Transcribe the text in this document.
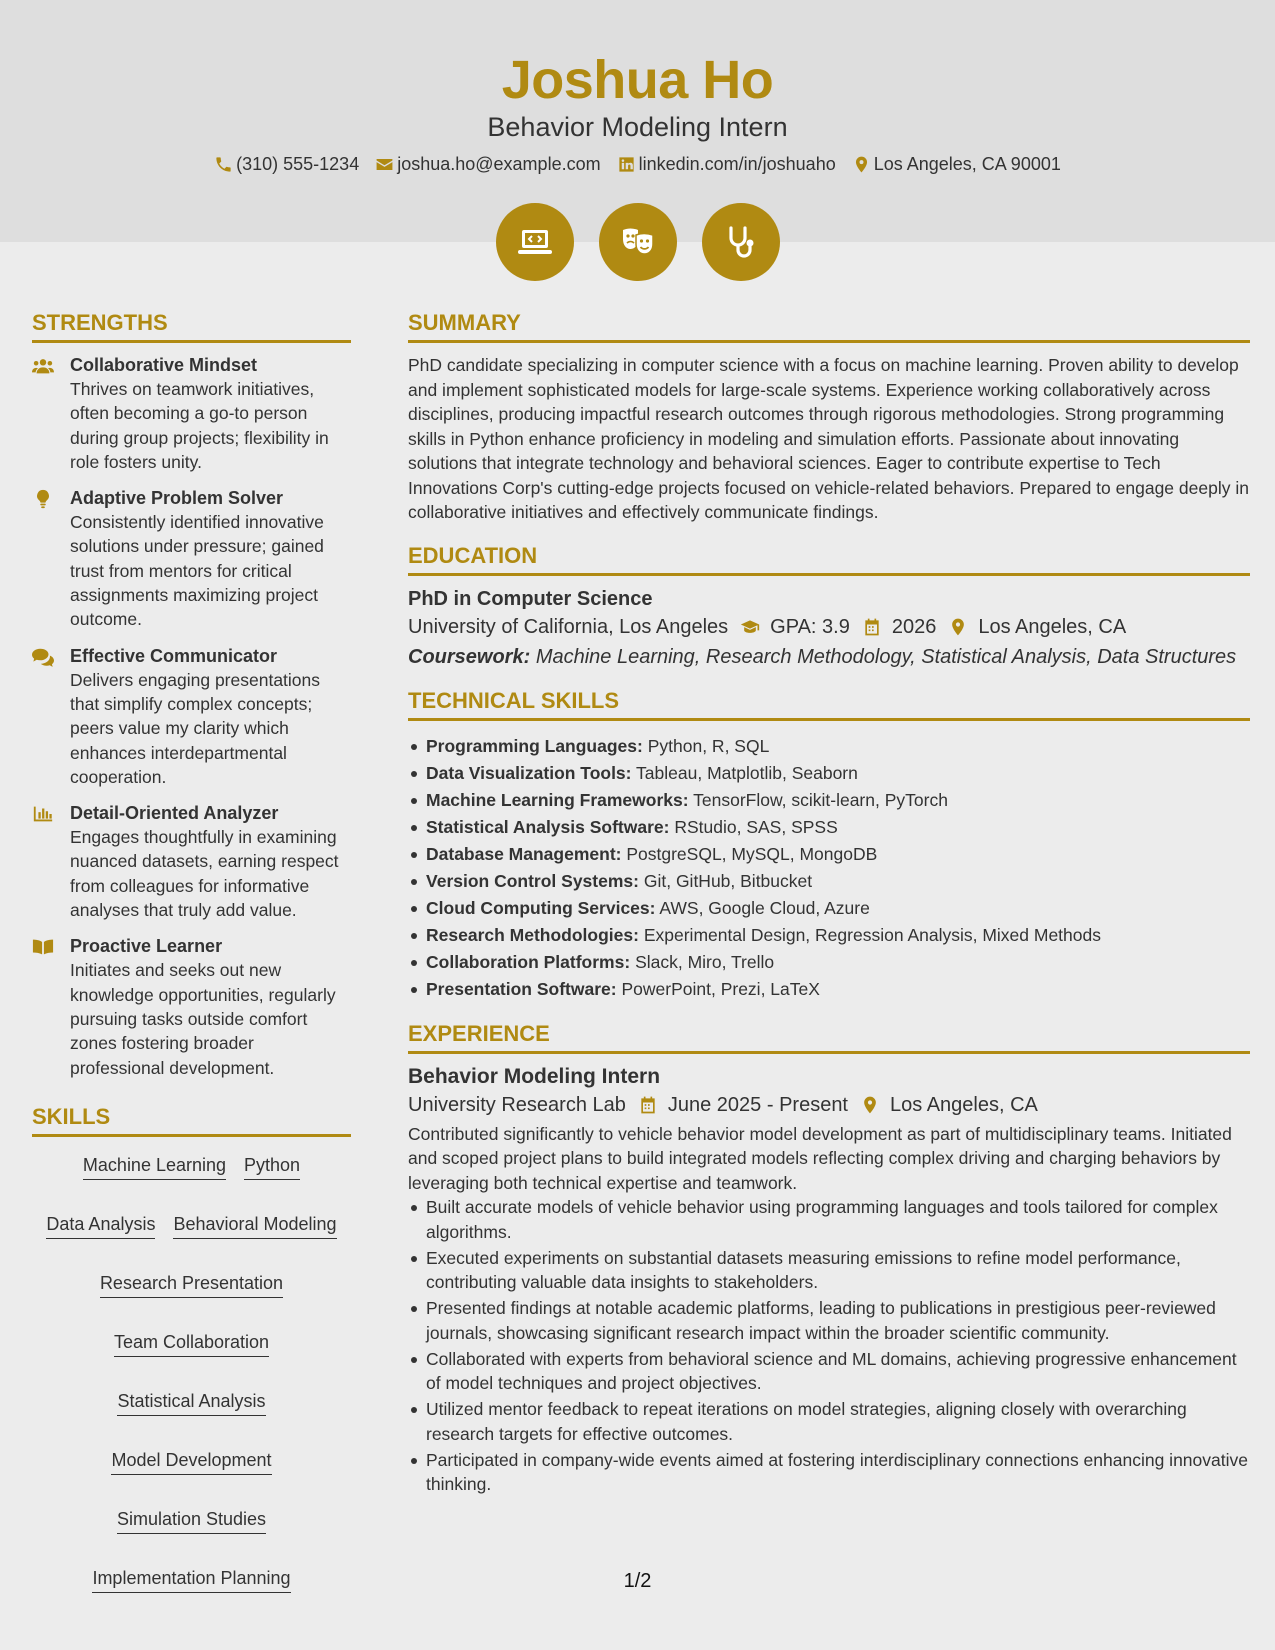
Joshua Ho
Behavior Modeling Intern
(310) 555-1234 joshua.ho@example.com linkedin.com/in/joshuaho Los Angeles, CA 90001
STRENGTHS
Collaborative Mindset

Thrives on teamwork initiatives, often becoming a go-to person during group projects; flexibility in role fosters unity.

Adaptive Problem Solver

Consistently identified innovative solutions under pressure; gained trust from mentors for critical assignments maximizing project outcome.

Effective Communicator

Delivers engaging presentations that simplify complex concepts; peers value my clarity which enhances interdepartmental cooperation.

Detail-Oriented Analyzer

Engages thoughtfully in examining nuanced datasets, earning respect from colleagues for informative analyses that truly add value.

Proactive Learner

Initiates and seeks out new knowledge opportunities, regularly pursuing tasks outside comfort zones fostering broader professional development.

SKILLS
Machine Learning Python
Data Analysis Behavioral Modeling
Research Presentation
Team Collaboration
Statistical Analysis
Model Development
Simulation Studies
Implementation Planning
SUMMARY

PhD candidate specializing in computer science with a focus on machine learning. Proven ability to develop and implement sophisticated models for large-scale systems. Experience working collaboratively across disciplines, producing impactful research outcomes through rigorous methodologies. Strong programming skills in Python enhance proficiency in modeling and simulation efforts. Passionate about innovating solutions that integrate technology and behavioral sciences. Eager to contribute expertise to Tech Innovations Corp's cutting-edge projects focused on vehicle-related behaviors. Prepared to engage deeply in collaborative initiatives and effectively communicate findings.

EDUCATION
PhD in Computer Science
University of California, Los Angeles GPA: 3.9 2026 Los Angeles, CA
Coursework: Machine Learning, Research Methodology, Statistical Analysis, Data Structures
TECHNICAL SKILLS
Programming Languages: Python, R, SQL
Data Visualization Tools: Tableau, Matplotlib, Seaborn
Machine Learning Frameworks: TensorFlow, scikit-learn, PyTorch
Statistical Analysis Software: RStudio, SAS, SPSS
Database Management: PostgreSQL, MySQL, MongoDB
Version Control Systems: Git, GitHub, Bitbucket
Cloud Computing Services: AWS, Google Cloud, Azure
Research Methodologies: Experimental Design, Regression Analysis, Mixed Methods
Collaboration Platforms: Slack, Miro, Trello
Presentation Software: PowerPoint, Prezi, LaTeX
EXPERIENCE
Behavior Modeling Intern
University Research Lab June 2025 - Present Los Angeles, CA

Contributed significantly to vehicle behavior model development as part of multidisciplinary teams. Initiated and scoped project plans to build integrated models reflecting complex driving and charging behaviors by leveraging both technical expertise and teamwork.

Built accurate models of vehicle behavior using programming languages and tools tailored for complex algorithms.
Executed experiments on substantial datasets measuring emissions to refine model performance, contributing valuable data insights to stakeholders.
Presented findings at notable academic platforms, leading to publications in prestigious peer-reviewed journals, showcasing significant research impact within the broader scientific community.
Collaborated with experts from behavioral science and ML domains, achieving progressive enhancement of model techniques and project objectives.
Utilized mentor feedback to repeat iterations on model strategies, aligning closely with overarching research targets for effective outcomes.
Participated in company-wide events aimed at fostering interdisciplinary connections enhancing innovative thinking.
1/2
